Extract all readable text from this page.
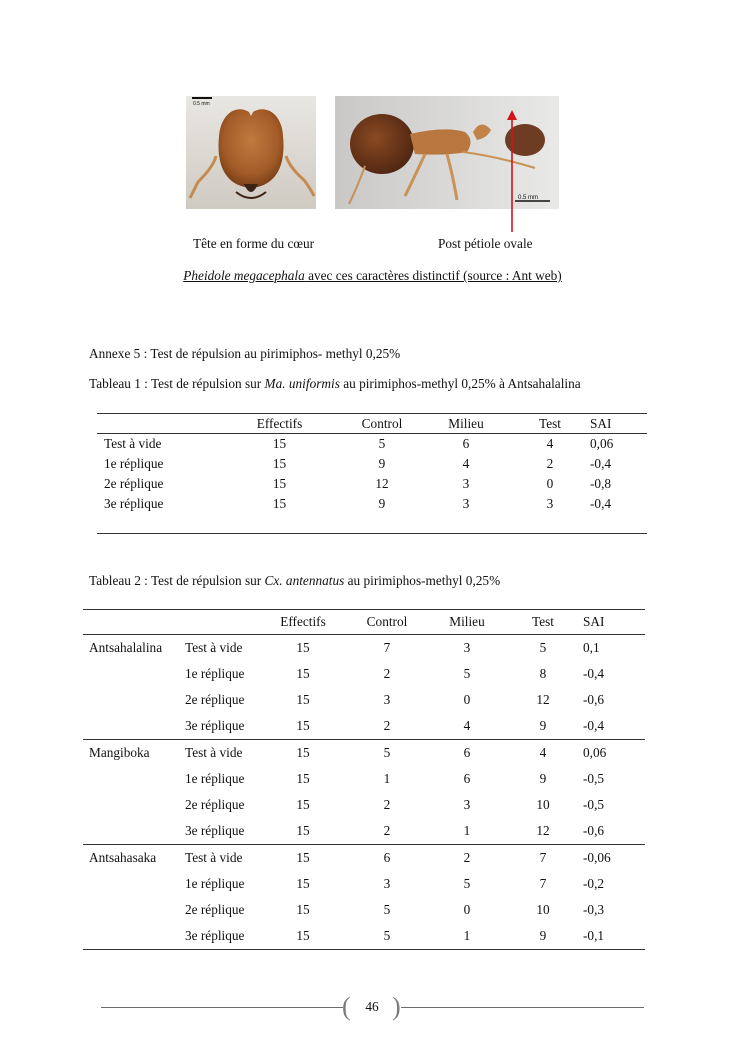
0.5 mm
0.5 mm
Tête en forme du cœur	Post pétiole ovale
Pheidole megacephala avec ces caractères distinctif (source : Ant web)
Annexe 5 : Test de répulsion au pirimiphos- methyl 0,25%
Tableau 1 : Test de répulsion sur Ma. uniformis au pirimiphos-methyl 0,25% à Antsahalalina
	Effectifs	Control	Milieu	Test	SAI
Test à vide	15	5	6	4	0,06
1e réplique	15	9	4	2	-0,4
2e réplique	15	12	3	0	-0,8
3e réplique	15	9	3	3	-0,4
Tableau 2 : Test de répulsion sur Cx. antennatus au pirimiphos-methyl 0,25%
		Effectifs	Control	Milieu	Test	SAI
Antsahalalina	Test à vide	15	7	3	5	0,1
	1e réplique	15	2	5	8	-0,4
	2e réplique	15	3	0	12	-0,6
	3e réplique	15	2	4	9	-0,4
Mangiboka	Test à vide	15	5	6	4	0,06
	1e réplique	15	1	6	9	-0,5
	2e réplique	15	2	3	10	-0,5
	3e réplique	15	2	1	12	-0,6
Antsahasaka	Test à vide	15	6	2	7	-0,06
	1e réplique	15	3	5	7	-0,2
	2e réplique	15	5	0	10	-0,3
	3e réplique	15	5	1	9	-0,1
(	46 )
